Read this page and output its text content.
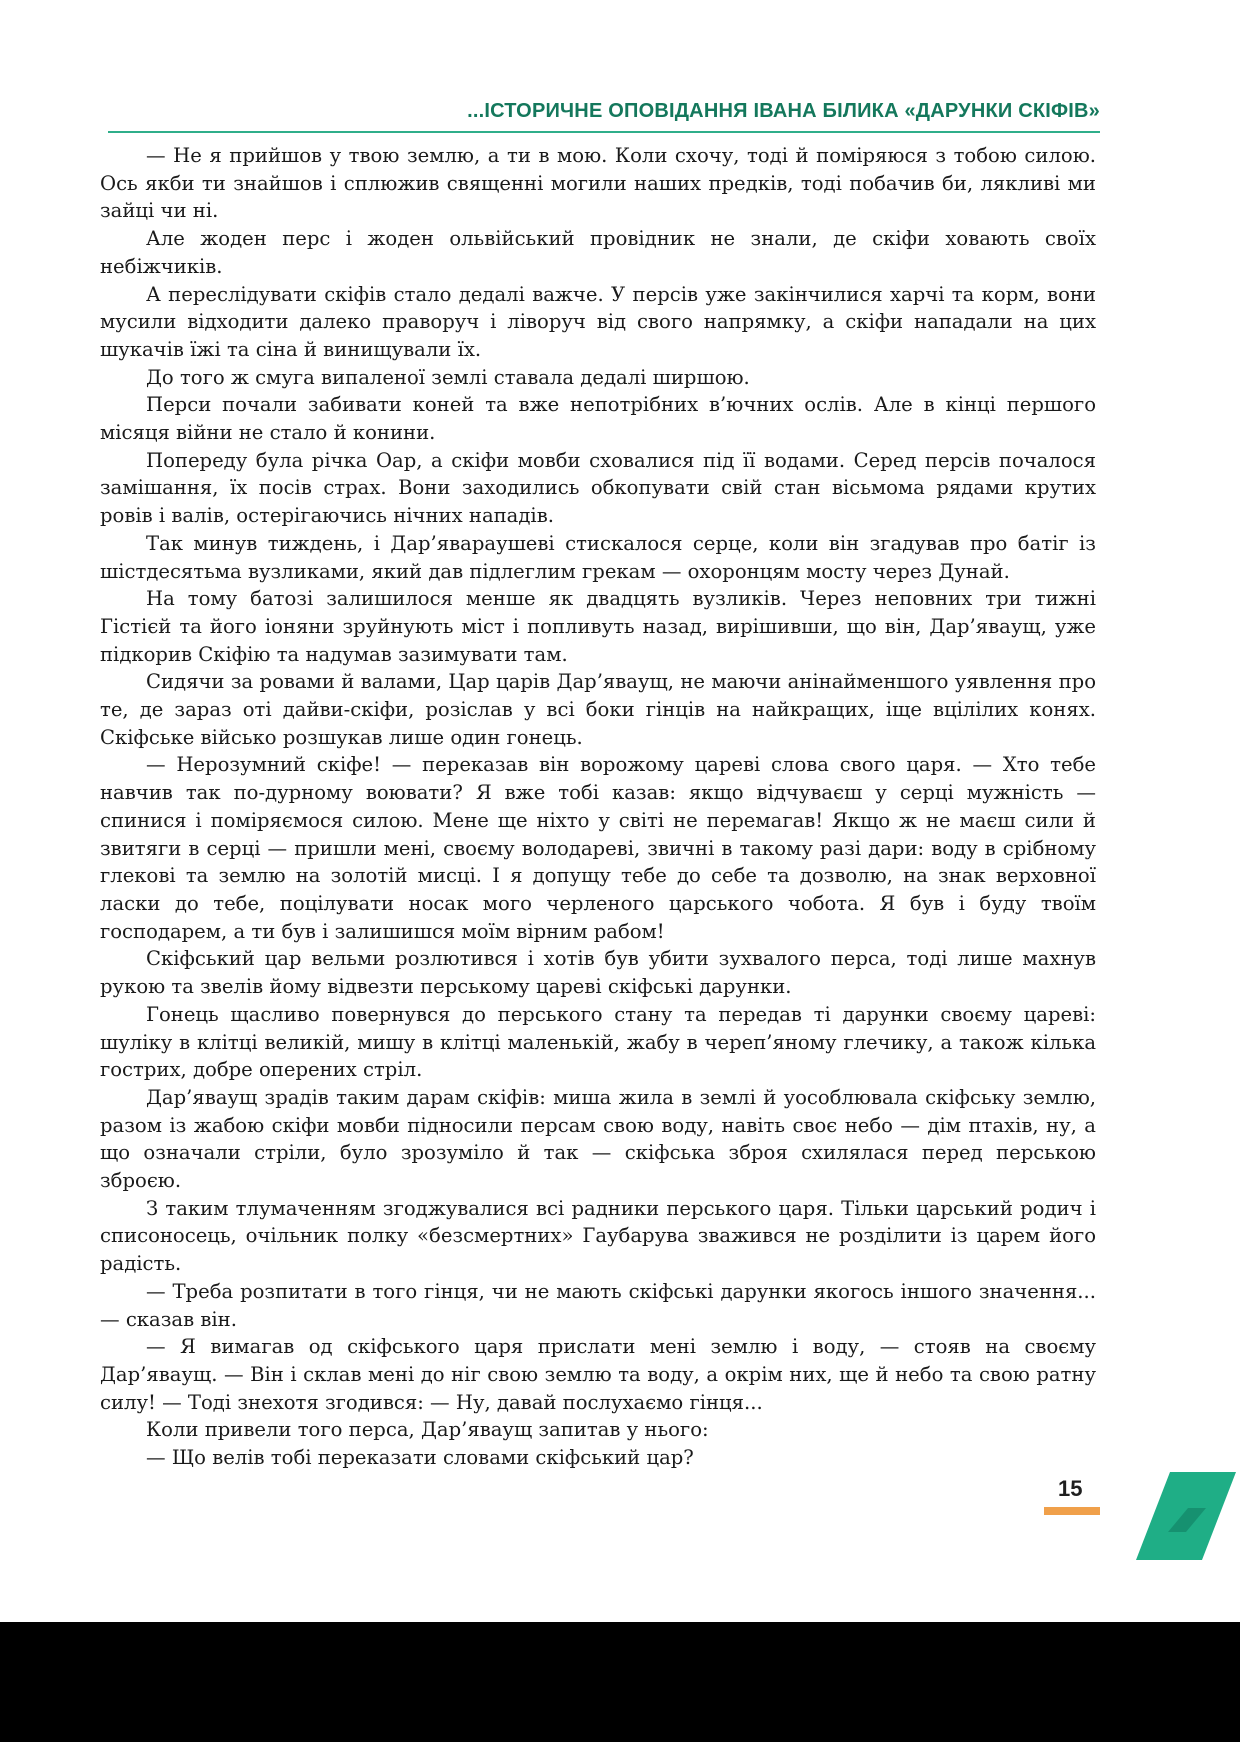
...ІСТОРИЧНЕ ОПОВІДАННЯ ІВАНА БІЛИКА «ДАРУНКИ СКІФІВ»

— Не я прийшов у твою землю, а ти в мою. Коли схочу, тоді й поміряюся з тобою силою. Ось якби ти знайшов і сплюжив священні могили наших предків, тоді побачив би, лякливі ми зайці чи ні.

Але жоден перс і жоден ольвійський провідник не знали, де скіфи ховають своїх небіжчиків.

А переслідувати скіфів стало дедалі важче. У персів уже закінчилися харчі та корм, вони мусили відходити далеко праворуч і ліворуч від свого напрямку, а скіфи нападали на цих шукачів їжі та сіна й винищували їх.

До того ж смуга випаленої землі ставала дедалі ширшою.

Перси почали забивати коней та вже непотрібних в’ючних ослів. Але в кінці першого місяця війни не стало й конини.

Попереду була річка Оар, а скіфи мовби сховалися під її водами. Серед персів почалося замішання, їх посів страх. Вони заходились обкопувати свій стан вісьмома рядами крутих ровів і валів, остерігаючись нічних нападів.

Так минув тиждень, і Дар’явараушеві стискалося серце, коли він згадував про батіг із шістдесятьма вузликами, який дав підлеглим грекам — охоронцям мосту через Дунай.

На тому батозі залишилося менше як двадцять вузликів. Через неповних три тижні Гістієй та його іоняни зруйнують міст і попливуть назад, вирішивши, що він, Дар’яваущ, уже підкорив Скіфію та надумав зазимувати там.

Сидячи за ровами й валами, Цар царів Дар’яваущ, не маючи анінайменшого уявлення про те, де зараз оті дайви-скіфи, розіслав у всі боки гінців на найкращих, іще вцілілих конях. Скіфське військо розшукав лише один гонець.

— Нерозумний скіфе! — переказав він ворожому цареві слова свого царя. — Хто тебе навчив так по-дурному воювати? Я вже тобі казав: якщо відчуваєш у серці мужність — спинися і поміряємося силою. Мене ще ніхто у світі не перемагав! Якщо ж не маєш сили й звитяги в серці — пришли мені, своєму володареві, звичні в такому разі дари: воду в срібному глекові та землю на золотій мисці. І я допущу тебе до себе та дозволю, на знак верховної ласки до тебе, поцілувати носак мого черленого царського чобота. Я був і буду твоїм господарем, а ти був і залишишся моїм вірним рабом!

Скіфський цар вельми розлютився і хотів був убити зухвалого перса, тоді лише махнув рукою та звелів йому відвезти перському цареві скіфські дарунки.

Гонець щасливо повернувся до перського стану та передав ті дарунки своєму цареві: шуліку в клітці великій, мишу в клітці маленькій, жабу в череп’яному глечику, а також кілька гострих, добре оперених стріл.

Дар’яваущ зрадів таким дарам скіфів: миша жила в землі й уособлювала скіфську землю, разом із жабою скіфи мовби підносили персам свою воду, навіть своє небо — дім птахів, ну, а що означали стріли, було зрозуміло й так — скіфська зброя схилялася перед перською зброєю.

З таким тлумаченням згоджувалися всі радники перського царя. Тільки царський родич і списоносець, очільник полку «безсмертних» Гаубарува зважився не розділити із царем його радість.

— Треба розпитати в того гінця, чи не мають скіфські дарунки якогось іншого значення... — сказав він.

— Я вимагав од скіфського царя прислати мені землю і воду, — стояв на своєму Дар’яваущ. — Він і склав мені до ніг свою землю та воду, а окрім них, ще й небо та свою ратну силу! — Тоді знехотя згодився: — Ну, давай послухаємо гінця...

Коли привели того перса, Дар’яваущ запитав у нього:

— Що велів тобі переказати словами скіфський цар?

15
